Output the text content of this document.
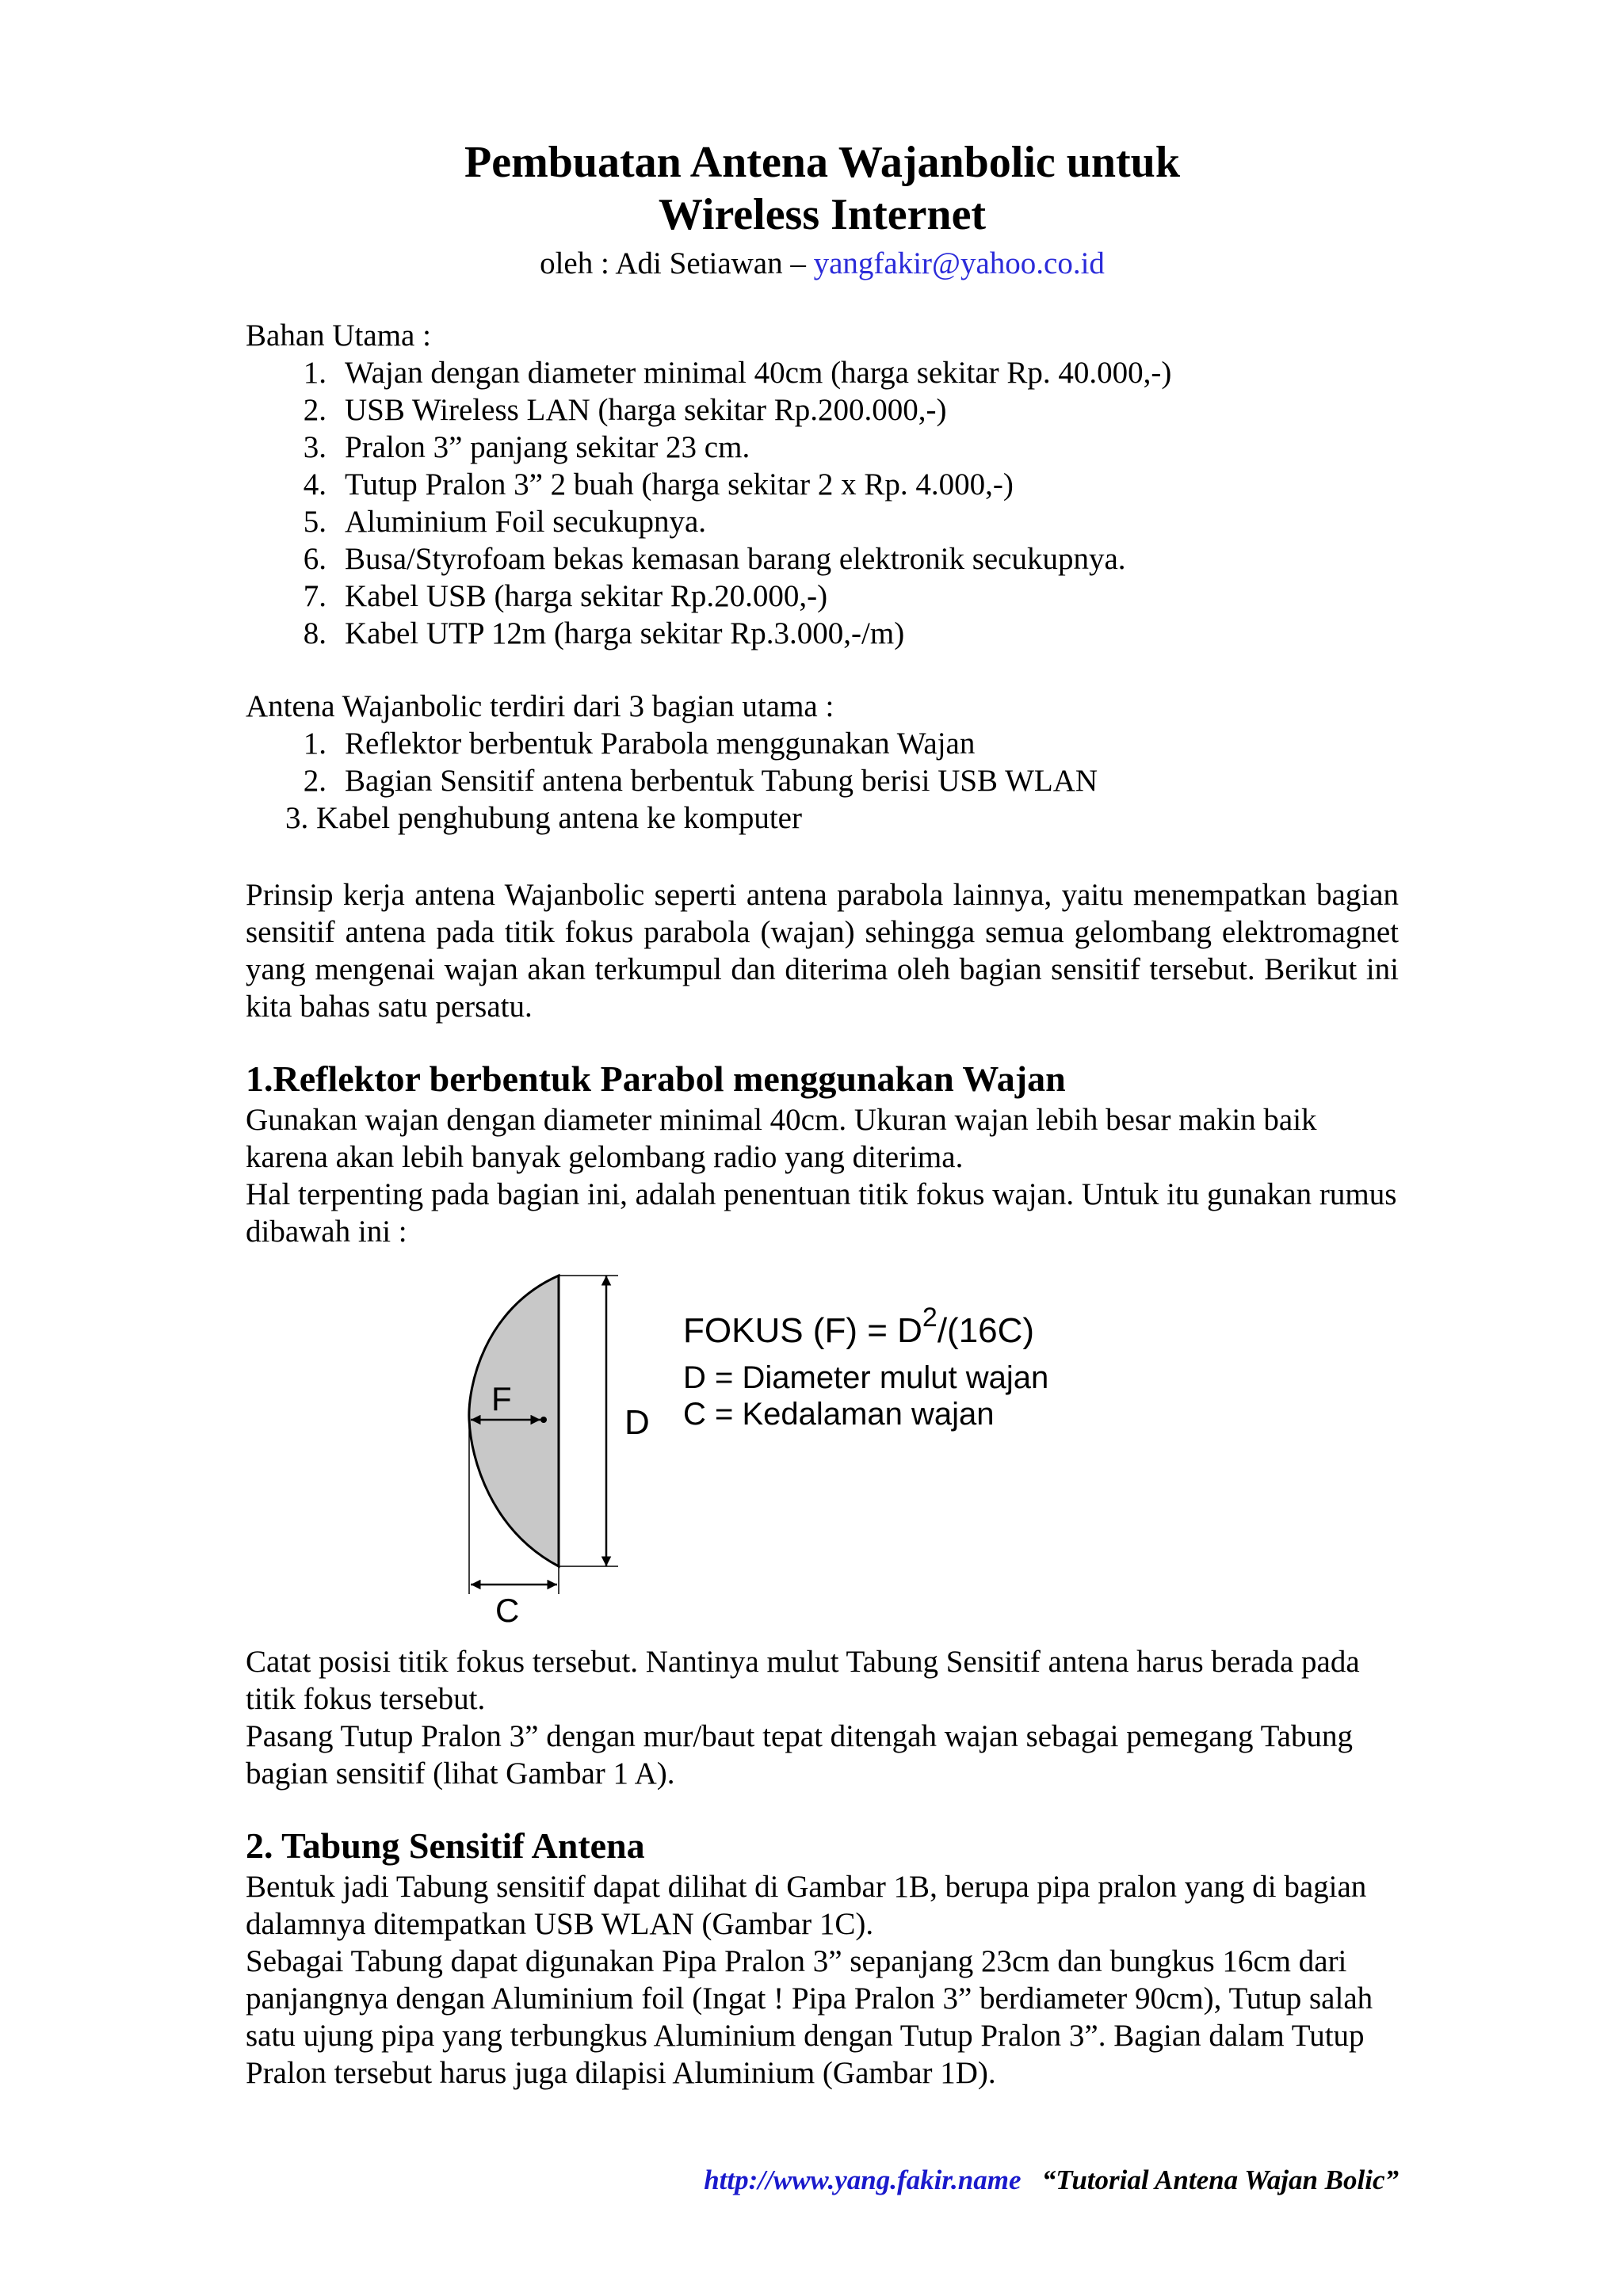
Pembuatan Antena Wajanbolic untuk
Wireless Internet

oleh : Adi Setiawan – yangfakir@yahoo.co.id

Bahan Utama :

1. Wajan dengan diameter minimal 40cm (harga sekitar Rp. 40.000,-)
2. USB Wireless LAN (harga sekitar Rp.200.000,-)
3. Pralon 3” panjang sekitar 23 cm.
4. Tutup Pralon 3” 2 buah (harga sekitar 2 x Rp. 4.000,-)
5. Aluminium Foil secukupnya.
6. Busa/Styrofoam bekas kemasan barang elektronik secukupnya.
7. Kabel USB (harga sekitar Rp.20.000,-)
8. Kabel UTP 12m (harga sekitar Rp.3.000,-/m)

Antena Wajanbolic terdiri dari 3 bagian utama :

1. Reflektor berbentuk Parabola menggunakan Wajan
2. Bagian Sensitif antena berbentuk Tabung berisi USB WLAN
3. Kabel penghubung antena ke komputer

Prinsip kerja antena Wajanbolic seperti antena parabola lainnya, yaitu menempatkan bagian sensitif antena pada titik fokus parabola (wajan) sehingga semua gelombang elektromagnet yang mengenai wajan akan terkumpul dan diterima oleh bagian sensitif tersebut. Berikut ini kita bahas satu persatu.

1.Reflektor berbentuk Parabol menggunakan Wajan

Gunakan wajan dengan diameter minimal 40cm. Ukuran wajan lebih besar makin baik karena akan lebih banyak gelombang radio yang diterima.

Hal terpenting pada bagian ini, adalah penentuan titik fokus wajan. Untuk itu gunakan rumus dibawah ini :

F
D
C
FOKUS $(F) = D^2/(16C)$
D = Diameter mulut wajan
C = Kedalaman wajan

Catat posisi titik fokus tersebut. Nantinya mulut Tabung Sensitif antena harus berada pada titik fokus tersebut.

Pasang Tutup Pralon 3” dengan mur/baut tepat ditengah wajan sebagai pemegang Tabung bagian sensitif (lihat Gambar 1 A).

2. Tabung Sensitif Antena

Bentuk jadi Tabung sensitif dapat dilihat di Gambar 1B, berupa pipa pralon yang di bagian dalamnya ditempatkan USB WLAN (Gambar 1C).

Sebagai Tabung dapat digunakan Pipa Pralon 3” sepanjang 23cm dan bungkus 16cm dari panjangnya dengan Aluminium foil (Ingat ! Pipa Pralon 3” berdiameter 90cm), Tutup salah satu ujung pipa yang terbungkus Aluminium dengan Tutup Pralon 3”. Bagian dalam Tutup Pralon tersebut harus juga dilapisi Aluminium (Gambar 1D).

http://www.yang.fakir.name “Tutorial Antena Wajan Bolic”
